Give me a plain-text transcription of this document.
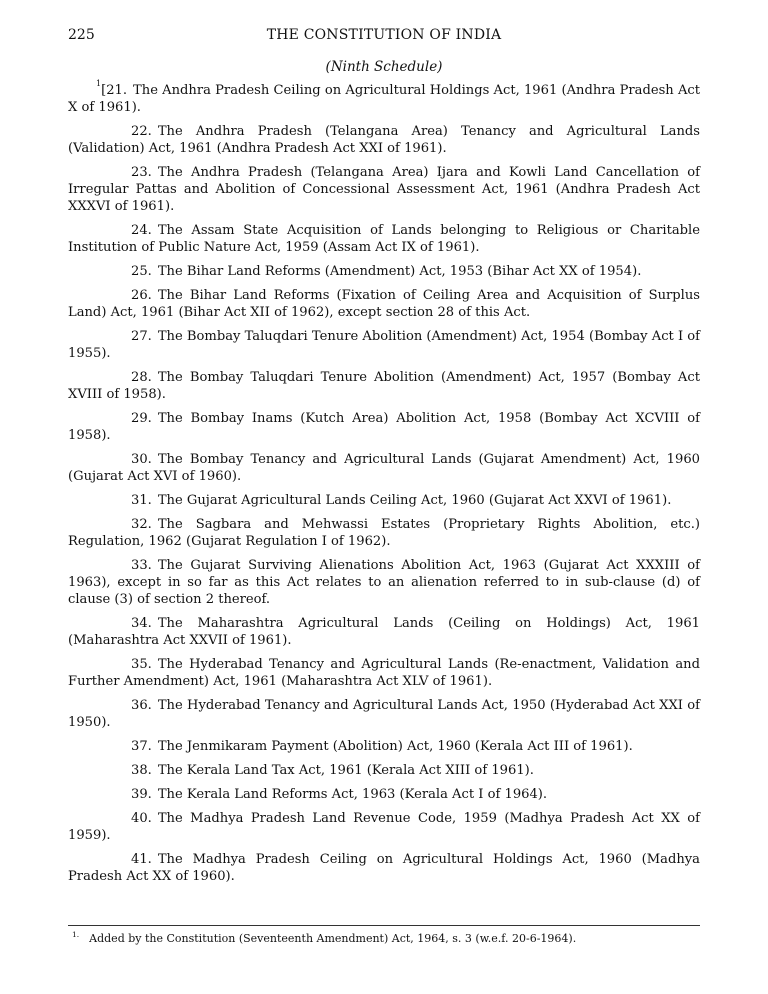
225	THE CONSTITUTION OF INDIA
(Ninth Schedule)

$^1$[21. The Andhra Pradesh Ceiling on Agricultural Holdings Act, 1961 (Andhra Pradesh Act X of 1961).

22. The Andhra Pradesh (Telangana Area) Tenancy and Agricultural Lands (Validation) Act, 1961 (Andhra Pradesh Act XXI of 1961).

23. The Andhra Pradesh (Telangana Area) Ijara and Kowli Land Cancellation of Irregular Pattas and Abolition of Concessional Assessment Act, 1961 (Andhra Pradesh Act XXXVI of 1961).

24. The Assam State Acquisition of Lands belonging to Religious or Charitable Institution of Public Nature Act, 1959 (Assam Act IX of 1961).

25. The Bihar Land Reforms (Amendment) Act, 1953 (Bihar Act XX of 1954).

26. The Bihar Land Reforms (Fixation of Ceiling Area and Acquisition of Surplus Land) Act, 1961 (Bihar Act XII of 1962), except section 28 of this Act.

27. The Bombay Taluqdari Tenure Abolition (Amendment) Act, 1954 (Bombay Act I of 1955).

28. The Bombay Taluqdari Tenure Abolition (Amendment) Act, 1957 (Bombay Act XVIII of 1958).

29. The Bombay Inams (Kutch Area) Abolition Act, 1958 (Bombay Act XCVIII of 1958).

30. The Bombay Tenancy and Agricultural Lands (Gujarat Amendment) Act, 1960 (Gujarat Act XVI of 1960).

31. The Gujarat Agricultural Lands Ceiling Act, 1960 (Gujarat Act XXVI of 1961).

32. The Sagbara and Mehwassi Estates (Proprietary Rights Abolition, etc.) Regulation, 1962 (Gujarat Regulation I of 1962).

33. The Gujarat Surviving Alienations Abolition Act, 1963 (Gujarat Act XXXIII of 1963), except in so far as this Act relates to an alienation referred to in sub-clause (d) of clause (3) of section 2 thereof.

34. The Maharashtra Agricultural Lands (Ceiling on Holdings) Act, 1961 (Maharashtra Act XXVII of 1961).

35. The Hyderabad Tenancy and Agricultural Lands (Re-enactment, Validation and Further Amendment) Act, 1961 (Maharashtra Act XLV of 1961).

36. The Hyderabad Tenancy and Agricultural Lands Act, 1950 (Hyderabad Act XXI of 1950).

37. The Jenmikaram Payment (Abolition) Act, 1960 (Kerala Act III of 1961).

38. The Kerala Land Tax Act, 1961 (Kerala Act XIII of 1961).

39. The Kerala Land Reforms Act, 1963 (Kerala Act I of 1964).

40. The Madhya Pradesh Land Revenue Code, 1959 (Madhya Pradesh Act XX of 1959).

41. The Madhya Pradesh Ceiling on Agricultural Holdings Act, 1960 (Madhya Pradesh Act XX of 1960).

$^{1.}$ Added by the Constitution (Seventeenth Amendment) Act, 1964, s. 3 (w.e.f. 20-6-1964).
